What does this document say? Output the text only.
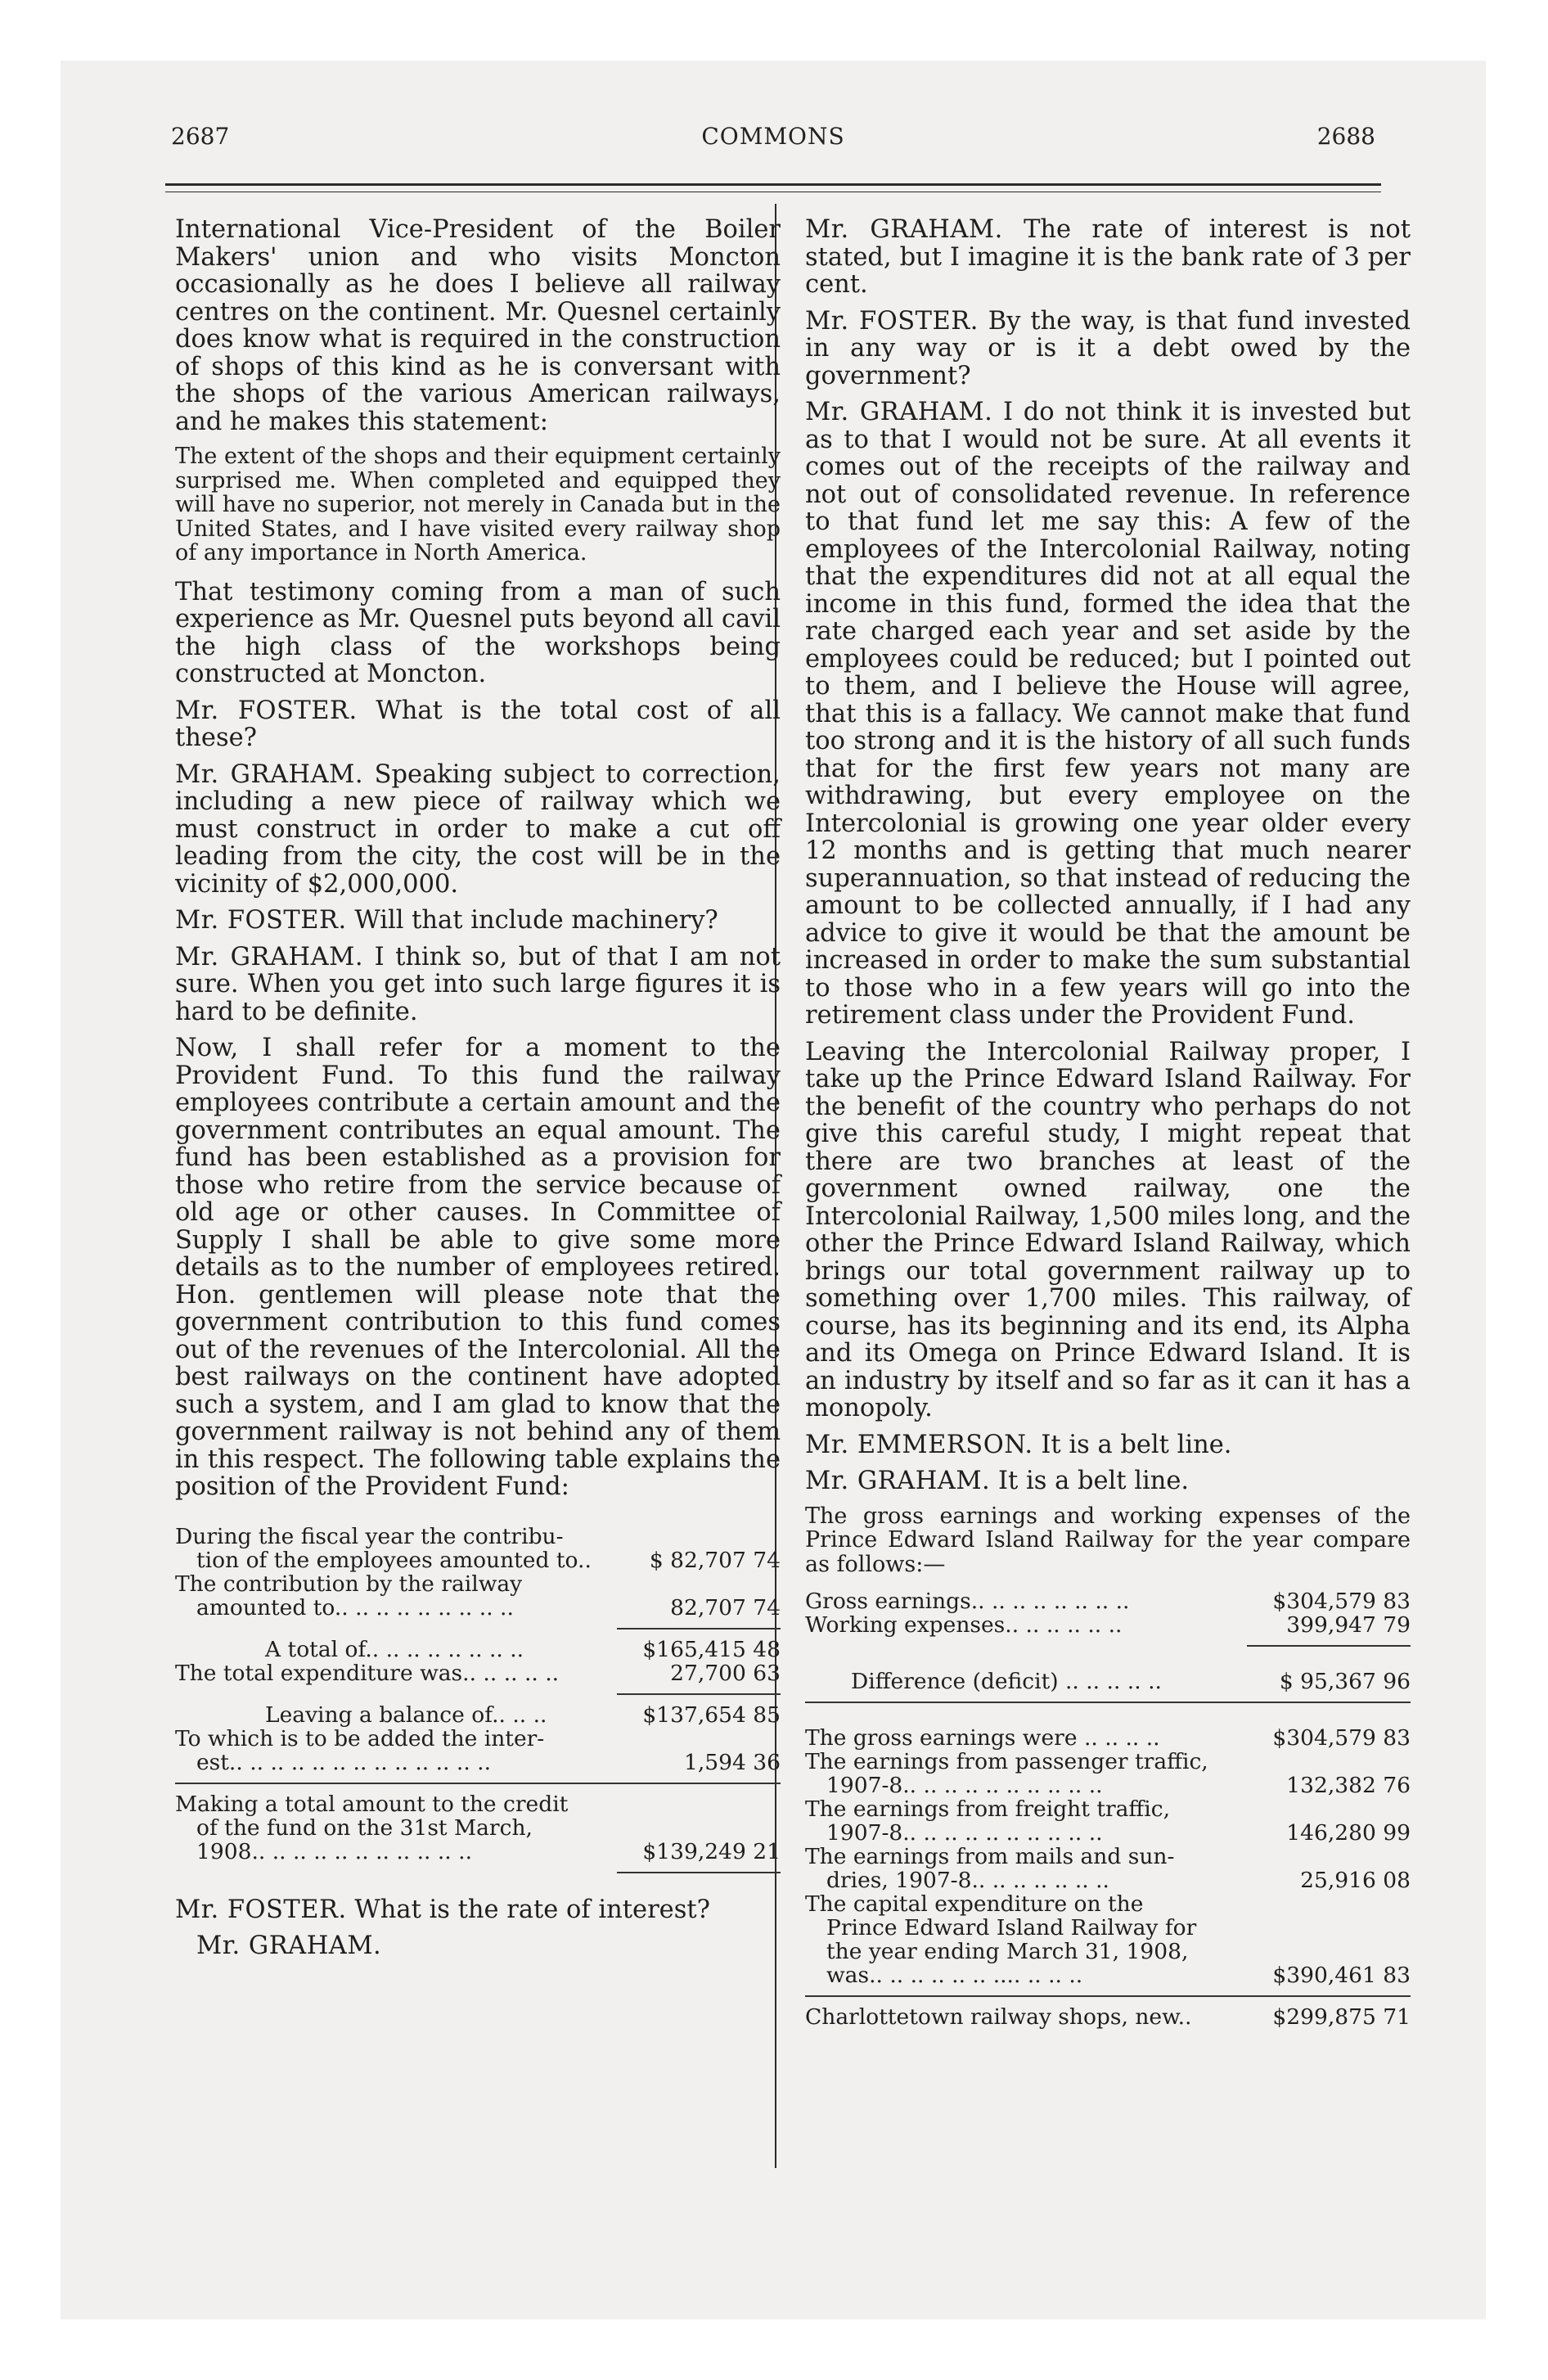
2687	COMMONS	2688

International Vice-President of the Boiler Makers' union and who visits Moncton occasionally as he does I believe all railway centres on the continent. Mr. Quesnel certainly does know what is required in the construction of shops of this kind as he is conversant with the shops of the various American railways, and he makes this statement:

The extent of the shops and their equipment certainly surprised me. When completed and equipped they will have no superior, not merely in Canada but in the United States, and I have visited every railway shop of any importance in North America.

That testimony coming from a man of such experience as Mr. Quesnel puts beyond all cavil the high class of the workshops being constructed at Moncton.

Mr. FOSTER. What is the total cost of all these?

Mr. GRAHAM. Speaking subject to correction, including a new piece of railway which we must construct in order to make a cut off leading from the city, the cost will be in the vicinity of $2,000,000.

Mr. FOSTER. Will that include machinery?

Mr. GRAHAM. I think so, but of that I am not sure. When you get into such large figures it is hard to be definite.

Now, I shall refer for a moment to the Provident Fund. To this fund the railway employees contribute a certain amount and the government contributes an equal amount. The fund has been established as a provision for those who retire from the service because of old age or other causes. In Committee of Supply I shall be able to give some more details as to the number of employees retired. Hon. gentlemen will please note that the government contribution to this fund comes out of the revenues of the Intercolonial. All the best railways on the continent have adopted such a system, and I am glad to know that the government railway is not behind any of them in this respect. The following table explains the position of the Provident Fund:

During the fiscal year the contribu-
tion of the employees amounted to..	$ 82,707 74
The contribution by the railway
amounted to.. .. .. .. .. .. .. .. ..	82,707 74
A total of.. .. .. .. .. .. .. ..	$165,415 48
The total expenditure was.. .. .. .. ..	27,700 63
Leaving a balance of.. .. ..	$137,654 85
To which is to be added the inter-
est.. .. .. .. .. .. .. .. .. .. .. .. ..	1,594 36
Making a total amount to the credit
of the fund on the 31st March,
1908.. .. .. .. .. .. .. .. .. .. ..	$139,249 21

Mr. FOSTER. What is the rate of interest?

Mr. GRAHAM.

Mr. GRAHAM. The rate of interest is not stated, but I imagine it is the bank rate of 3 per cent.

Mr. FOSTER. By the way, is that fund invested in any way or is it a debt owed by the government?

Mr. GRAHAM. I do not think it is invested but as to that I would not be sure. At all events it comes out of the receipts of the railway and not out of consolidated revenue. In reference to that fund let me say this: A few of the employees of the Intercolonial Railway, noting that the expenditures did not at all equal the income in this fund, formed the idea that the rate charged each year and set aside by the employees could be reduced; but I pointed out to them, and I believe the House will agree, that this is a fallacy. We cannot make that fund too strong and it is the history of all such funds that for the first few years not many are withdrawing, but every employee on the Intercolonial is growing one year older every 12 months and is getting that much nearer superannuation, so that instead of reducing the amount to be collected annually, if I had any advice to give it would be that the amount be increased in order to make the sum substantial to those who in a few years will go into the retirement class under the Provident Fund.

Leaving the Intercolonial Railway proper, I take up the Prince Edward Island Railway. For the benefit of the country who perhaps do not give this careful study, I might repeat that there are two branches at least of the government owned railway, one the Intercolonial Railway, 1,500 miles long, and the other the Prince Edward Island Railway, which brings our total government railway up to something over 1,700 miles. This railway, of course, has its beginning and its end, its Alpha and its Omega on Prince Edward Island. It is an industry by itself and so far as it can it has a monopoly.

Mr. EMMERSON. It is a belt line.

Mr. GRAHAM. It is a belt line.

The gross earnings and working expenses of the Prince Edward Island Railway for the year compare as follows:—

Gross earnings.. .. .. .. .. .. .. ..	$304,579 83
Working expenses.. .. .. .. .. ..	399,947 79
Difference (deficit) .. .. .. .. ..	$ 95,367 96
The gross earnings were .. .. .. ..	$304,579 83
The earnings from passenger traffic,
1907-8.. .. .. .. .. .. .. .. .. ..	132,382 76
The earnings from freight traffic,
1907-8.. .. .. .. .. .. .. .. .. ..	146,280 99
The earnings from mails and sun-
dries, 1907-8.. .. .. .. .. .. ..	25,916 08
The capital expenditure on the
Prince Edward Island Railway for
the year ending March 31, 1908,
was.. .. .. .. .. .. .... .. .. ..	$390,461 83
Charlottetown railway shops, new..	$299,875 71
